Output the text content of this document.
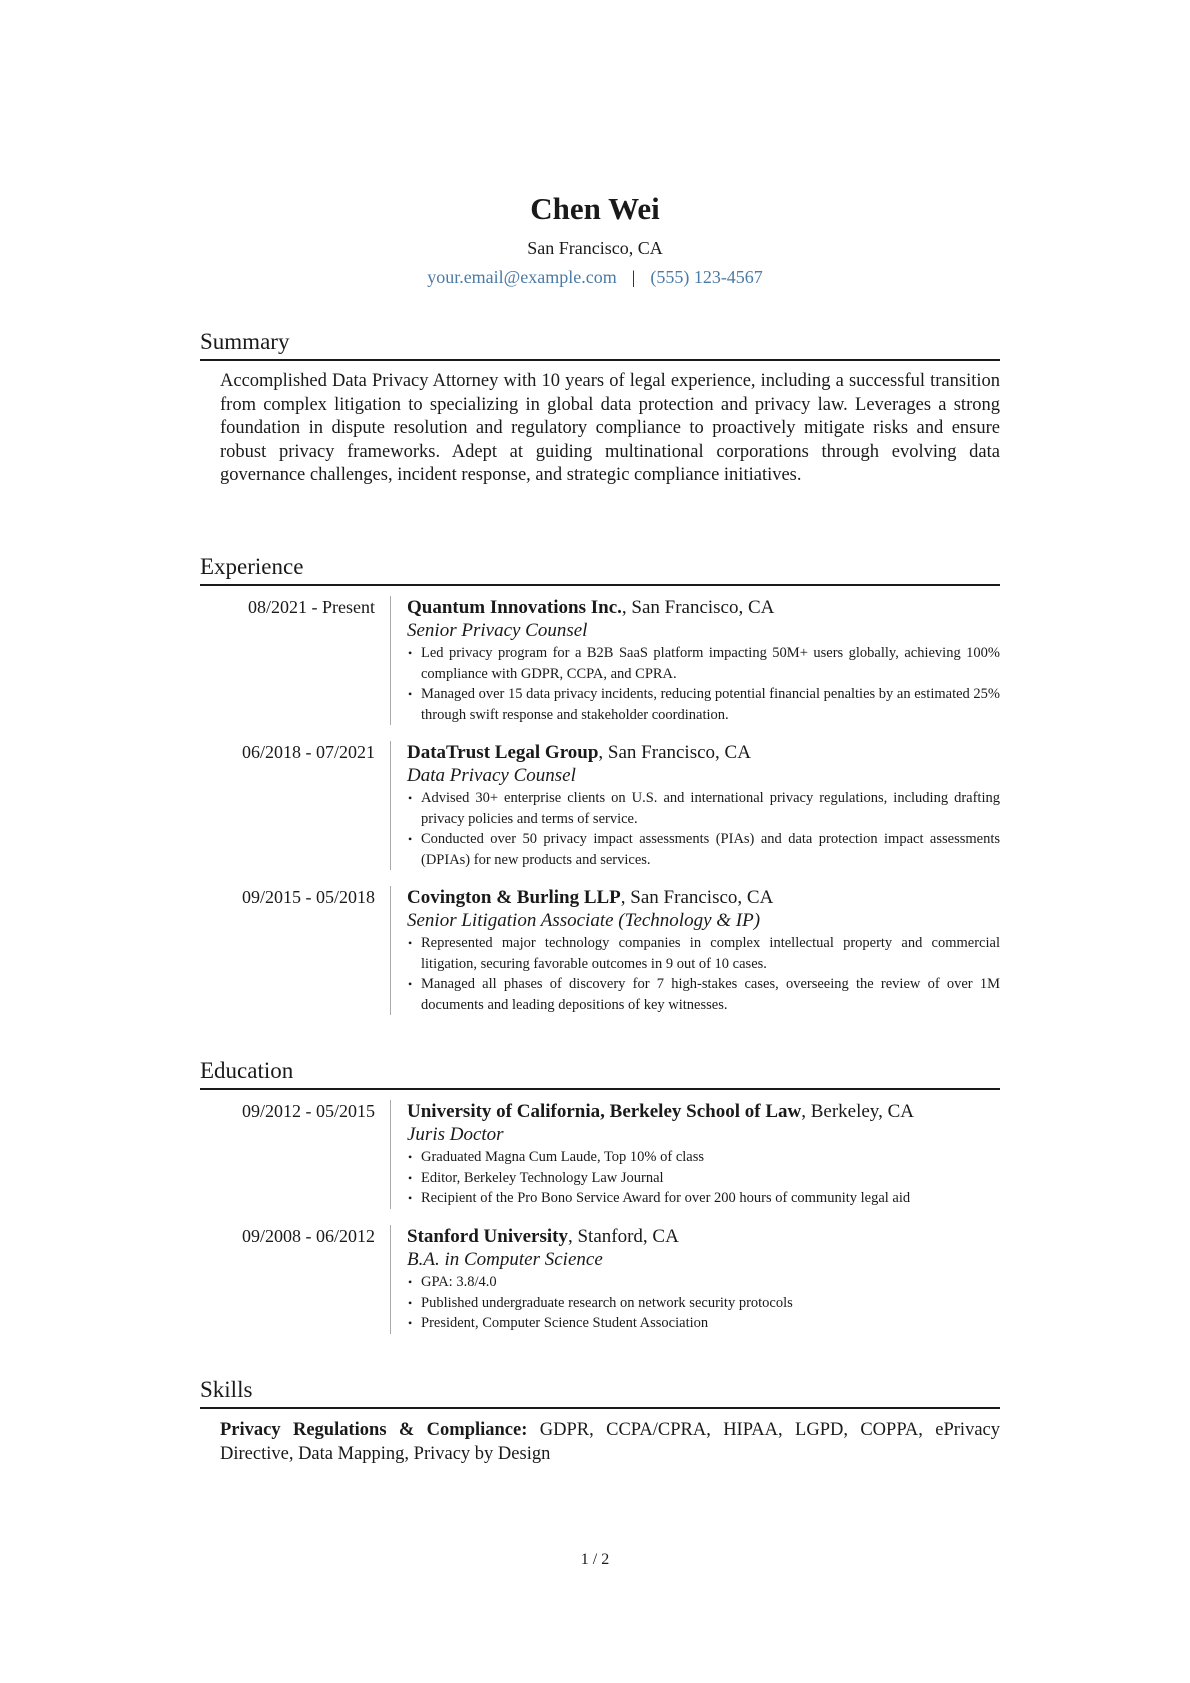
Chen Wei
San Francisco, CA
your.email@example.com | (555) 123-4567
Summary
Accomplished Data Privacy Attorney with 10 years of legal experience, including a successful transition from complex litigation to specializing in global data protection and privacy law. Leverages a strong foundation in dispute resolution and regulatory compliance to proactively mitigate risks and ensure robust privacy frameworks. Adept at guiding multinational corporations through evolving data governance challenges, incident response, and strategic compliance initiatives.
Experience
08/2021 - Present Quantum Innovations Inc., San Francisco, CA
Senior Privacy Counsel
• Led privacy program for a B2B SaaS platform impacting 50M+ users globally, achieving 100% compliance with GDPR, CCPA, and CPRA.
• Managed over 15 data privacy incidents, reducing potential financial penalties by an estimated 25% through swift response and stakeholder coordination.
06/2018 - 07/2021 DataTrust Legal Group, San Francisco, CA
Data Privacy Counsel
• Advised 30+ enterprise clients on U.S. and international privacy regulations, including drafting privacy policies and terms of service.
• Conducted over 50 privacy impact assessments (PIAs) and data protection impact assessments (DPIAs) for new products and services.
09/2015 - 05/2018 Covington & Burling LLP, San Francisco, CA
Senior Litigation Associate (Technology & IP)
• Represented major technology companies in complex intellectual property and commercial litigation, securing favorable outcomes in 9 out of 10 cases.
• Managed all phases of discovery for 7 high-stakes cases, overseeing the review of over 1M documents and leading depositions of key witnesses.
Education
09/2012 - 05/2015 University of California, Berkeley School of Law, Berkeley, CA
Juris Doctor
• Graduated Magna Cum Laude, Top 10% of class
• Editor, Berkeley Technology Law Journal
• Recipient of the Pro Bono Service Award for over 200 hours of community legal aid
09/2008 - 06/2012 Stanford University, Stanford, CA
B.A. in Computer Science
• GPA: 3.8/4.0
• Published undergraduate research on network security protocols
• President, Computer Science Student Association
Skills
Privacy Regulations & Compliance: GDPR, CCPA/CPRA, HIPAA, LGPD, COPPA, ePrivacy Directive, Data Mapping, Privacy by Design
1 / 2
